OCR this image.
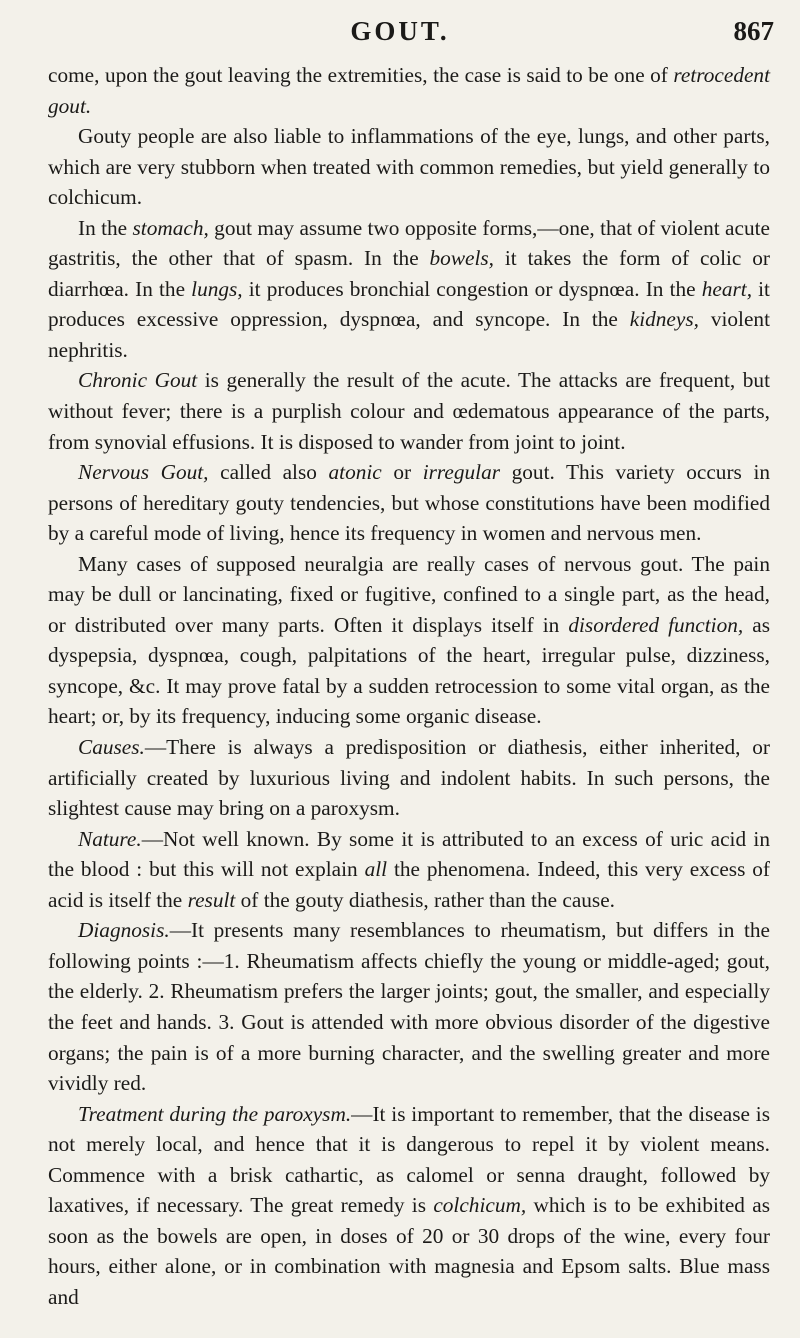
GOUT.	867

come, upon the gout leaving the extremities, the case is said to be one of retrocedent gout.

Gouty people are also liable to inflammations of the eye, lungs, and other parts, which are very stubborn when treated with common remedies, but yield generally to colchicum.

In the stomach, gout may assume two opposite forms,—one, that of violent acute gastritis, the other that of spasm. In the bowels, it takes the form of colic or diarrhœa. In the lungs, it produces bronchial congestion or dyspnœa. In the heart, it produces excessive oppression, dyspnœa, and syncope. In the kidneys, violent nephritis.

Chronic Gout is generally the result of the acute. The attacks are frequent, but without fever; there is a purplish colour and œdematous appearance of the parts, from synovial effusions. It is disposed to wander from joint to joint.

Nervous Gout, called also atonic or irregular gout. This variety occurs in persons of hereditary gouty tendencies, but whose constitutions have been modified by a careful mode of living, hence its frequency in women and nervous men.

Many cases of supposed neuralgia are really cases of nervous gout. The pain may be dull or lancinating, fixed or fugitive, confined to a single part, as the head, or distributed over many parts. Often it displays itself in disordered function, as dyspepsia, dyspnœa, cough, palpitations of the heart, irregular pulse, dizziness, syncope, &c. It may prove fatal by a sudden retrocession to some vital organ, as the heart; or, by its frequency, inducing some organic disease.

Causes.—There is always a predisposition or diathesis, either inherited, or artificially created by luxurious living and indolent habits. In such persons, the slightest cause may bring on a paroxysm.

Nature.—Not well known. By some it is attributed to an excess of uric acid in the blood : but this will not explain all the phenomena. Indeed, this very excess of acid is itself the result of the gouty diathesis, rather than the cause.

Diagnosis.—It presents many resemblances to rheumatism, but differs in the following points :—1. Rheumatism affects chiefly the young or middle-aged; gout, the elderly. 2. Rheumatism prefers the larger joints; gout, the smaller, and especially the feet and hands. 3. Gout is attended with more obvious disorder of the digestive organs; the pain is of a more burning character, and the swelling greater and more vividly red.

Treatment during the paroxysm.—It is important to remember, that the disease is not merely local, and hence that it is dangerous to repel it by violent means. Commence with a brisk cathartic, as calomel or senna draught, followed by laxatives, if necessary. The great remedy is colchicum, which is to be exhibited as soon as the bowels are open, in doses of 20 or 30 drops of the wine, every four hours, either alone, or in combination with magnesia and Epsom salts. Blue mass and
